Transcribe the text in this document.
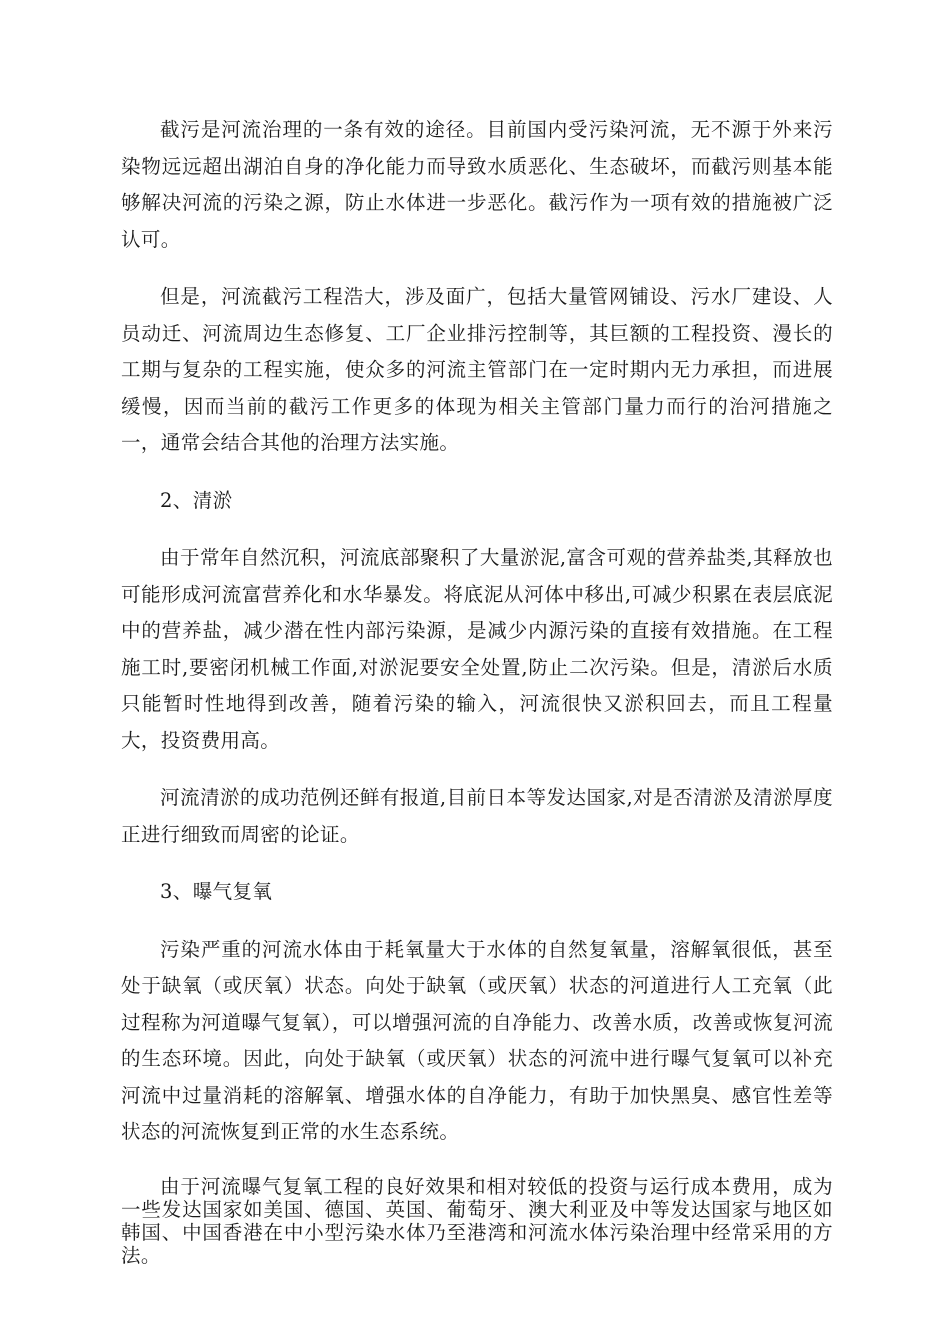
截污是河流治理的一条有效的途径。目前国内受污染河流，无不源于外来污染物远远超出湖泊自身的净化能力而导致水质恶化、生态破坏，而截污则基本能够解决河流的污染之源，防止水体进一步恶化。截污作为一项有效的措施被广泛认可。

但是，河流截污工程浩大，涉及面广，包括大量管网铺设、污水厂建设、人员动迁、河流周边生态修复、工厂企业排污控制等，其巨额的工程投资、漫长的工期与复杂的工程实施，使众多的河流主管部门在一定时期内无力承担，而进展缓慢，因而当前的截污工作更多的体现为相关主管部门量力而行的治河措施之一，通常会结合其他的治理方法实施。

2、清淤

由于常年自然沉积，河流底部聚积了大量淤泥,富含可观的营养盐类,其释放也可能形成河流富营养化和水华暴发。将底泥从河体中移出,可减少积累在表层底泥中的营养盐，减少潜在性内部污染源，是减少内源污染的直接有效措施。在工程施工时,要密闭机械工作面,对淤泥要安全处置,防止二次污染。但是，清淤后水质只能暂时性地得到改善，随着污染的输入，河流很快又淤积回去，而且工程量大，投资费用高。

河流清淤的成功范例还鲜有报道,目前日本等发达国家,对是否清淤及清淤厚度正进行细致而周密的论证。

3、曝气复氧

污染严重的河流水体由于耗氧量大于水体的自然复氧量，溶解氧很低，甚至处于缺氧（或厌氧）状态。向处于缺氧（或厌氧）状态的河道进行人工充氧（此过程称为河道曝气复氧），可以增强河流的自净能力、改善水质，改善或恢复河流的生态环境。因此，向处于缺氧（或厌氧）状态的河流中进行曝气复氧可以补充河流中过量消耗的溶解氧、增强水体的自净能力，有助于加快黑臭、感官性差等状态的河流恢复到正常的水生态系统。

由于河流曝气复氧工程的良好效果和相对较低的投资与运行成本费用，成为一些发达国家如美国、德国、英国、葡萄牙、澳大利亚及中等发达国家与地区如韩国、中国香港在中小型污染水体乃至港湾和河流水体污染治理中经常采用的方法。
